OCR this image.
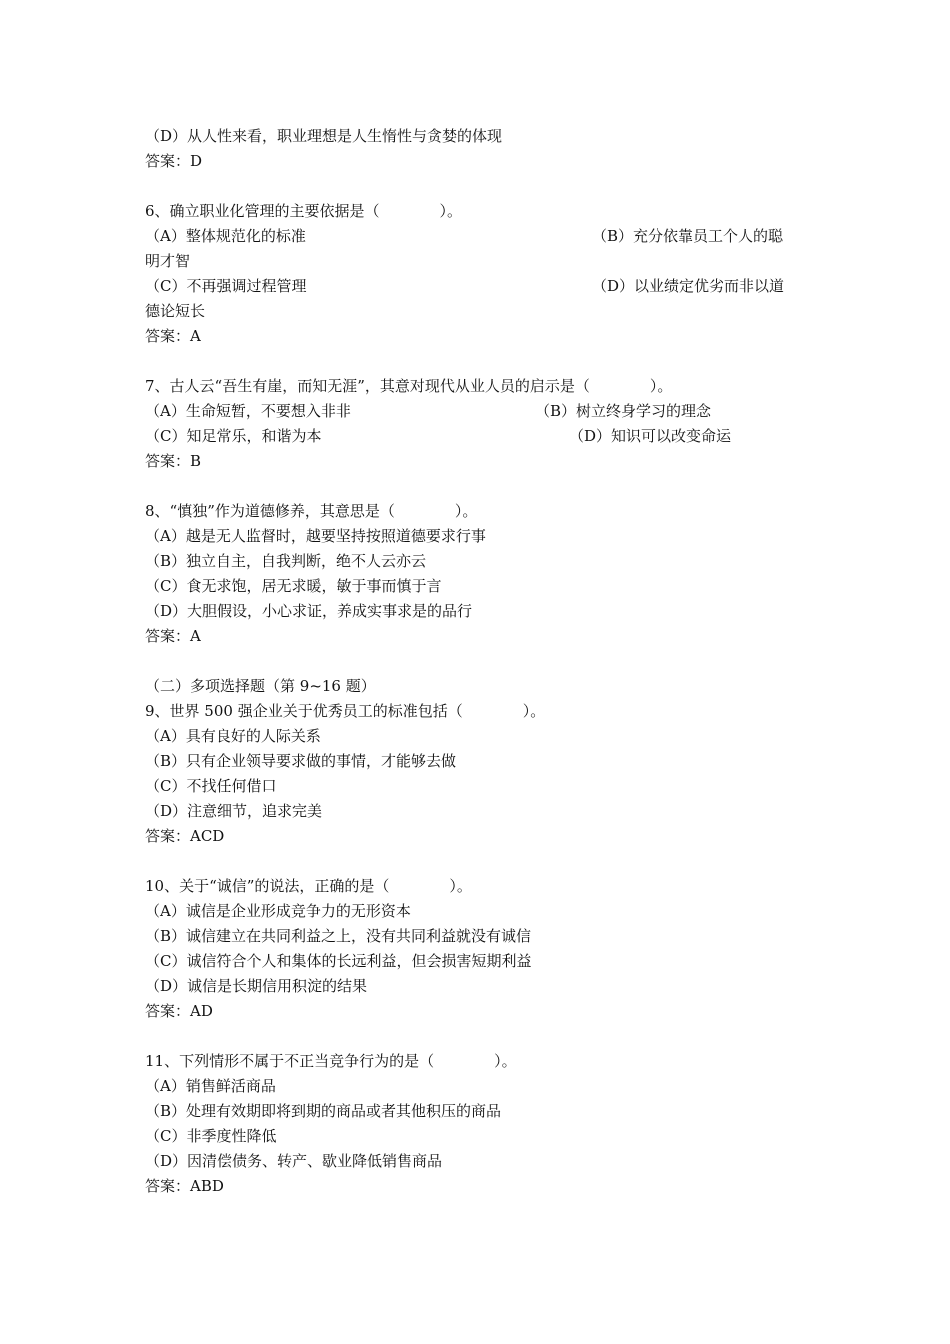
（D）从人性来看，职业理想是人生惰性与贪婪的体现
答案：D
6、确立职业化管理的主要依据是（　　　　）。
（A）整体规范化的标准	（B）充分依靠员工个人的聪
明才智
（C）不再强调过程管理	（D）以业绩定优劣而非以道
德论短长
答案：A
7、古人云“吾生有崖，而知无涯”，其意对现代从业人员的启示是（　　　　）。
（A）生命短暂，不要想入非非	（B）树立终身学习的理念
（C）知足常乐，和谐为本	（D）知识可以改变命运
答案：B
8、“慎独”作为道德修养，其意思是（　　　　）。
（A）越是无人监督时，越要坚持按照道德要求行事
（B）独立自主，自我判断，绝不人云亦云
（C）食无求饱，居无求暖，敏于事而慎于言
（D）大胆假设，小心求证，养成实事求是的品行
答案：A
（二）多项选择题（第 9~16 题）
9、世界 500 强企业关于优秀员工的标准包括（　　　　）。
（A）具有良好的人际关系
（B）只有企业领导要求做的事情，才能够去做
（C）不找任何借口
（D）注意细节，追求完美
答案：ACD
10、关于“诚信”的说法，正确的是（　　　　）。
（A）诚信是企业形成竞争力的无形资本
（B）诚信建立在共同利益之上，没有共同利益就没有诚信
（C）诚信符合个人和集体的长远利益，但会损害短期利益
（D）诚信是长期信用积淀的结果
答案：AD
11、下列情形不属于不正当竞争行为的是（　　　　）。
（A）销售鲜活商品
（B）处理有效期即将到期的商品或者其他积压的商品
（C）非季度性降低
（D）因清偿债务、转产、歇业降低销售商品
答案：ABD
